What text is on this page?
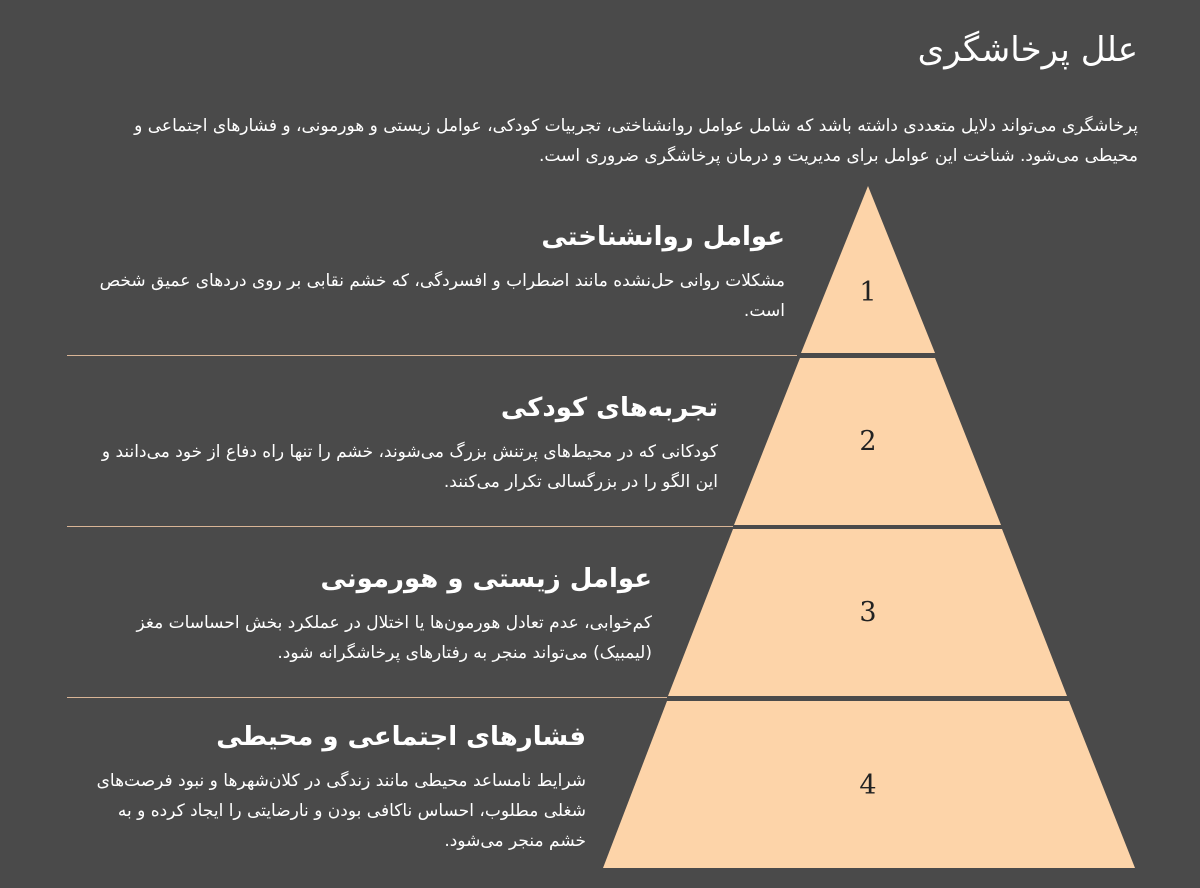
علل پرخاشگری

پرخاشگری می‌تواند دلایل متعددی داشته باشد که شامل عوامل روانشناختی، تجربیات کودکی، عوامل زیستی و هورمونی، و فشارهای اجتماعی و محیطی می‌شود. شناخت این عوامل برای مدیریت و درمان پرخاشگری ضروری است.

1
2
3
4
عوامل روانشناختی

مشکلات روانی حل‌نشده مانند اضطراب و افسردگی، که خشم نقابی بر روی دردهای عمیق شخص است.

تجربه‌های کودکی

کودکانی که در محیط‌های پرتنش بزرگ می‌شوند، خشم را تنها راه دفاع از خود می‌دانند و این الگو را در بزرگسالی تکرار می‌کنند.

عوامل زیستی و هورمونی

کم‌خوابی، عدم تعادل هورمون‌ها یا اختلال در عملکرد بخش احساسات مغز (لیمبیک) می‌تواند منجر به رفتارهای پرخاشگرانه شود.

فشارهای اجتماعی و محیطی

شرایط نامساعد محیطی مانند زندگی در کلان‌شهرها و نبود فرصت‌های شغلی مطلوب، احساس ناکافی بودن و نارضایتی را ایجاد کرده و به خشم منجر می‌شود.
